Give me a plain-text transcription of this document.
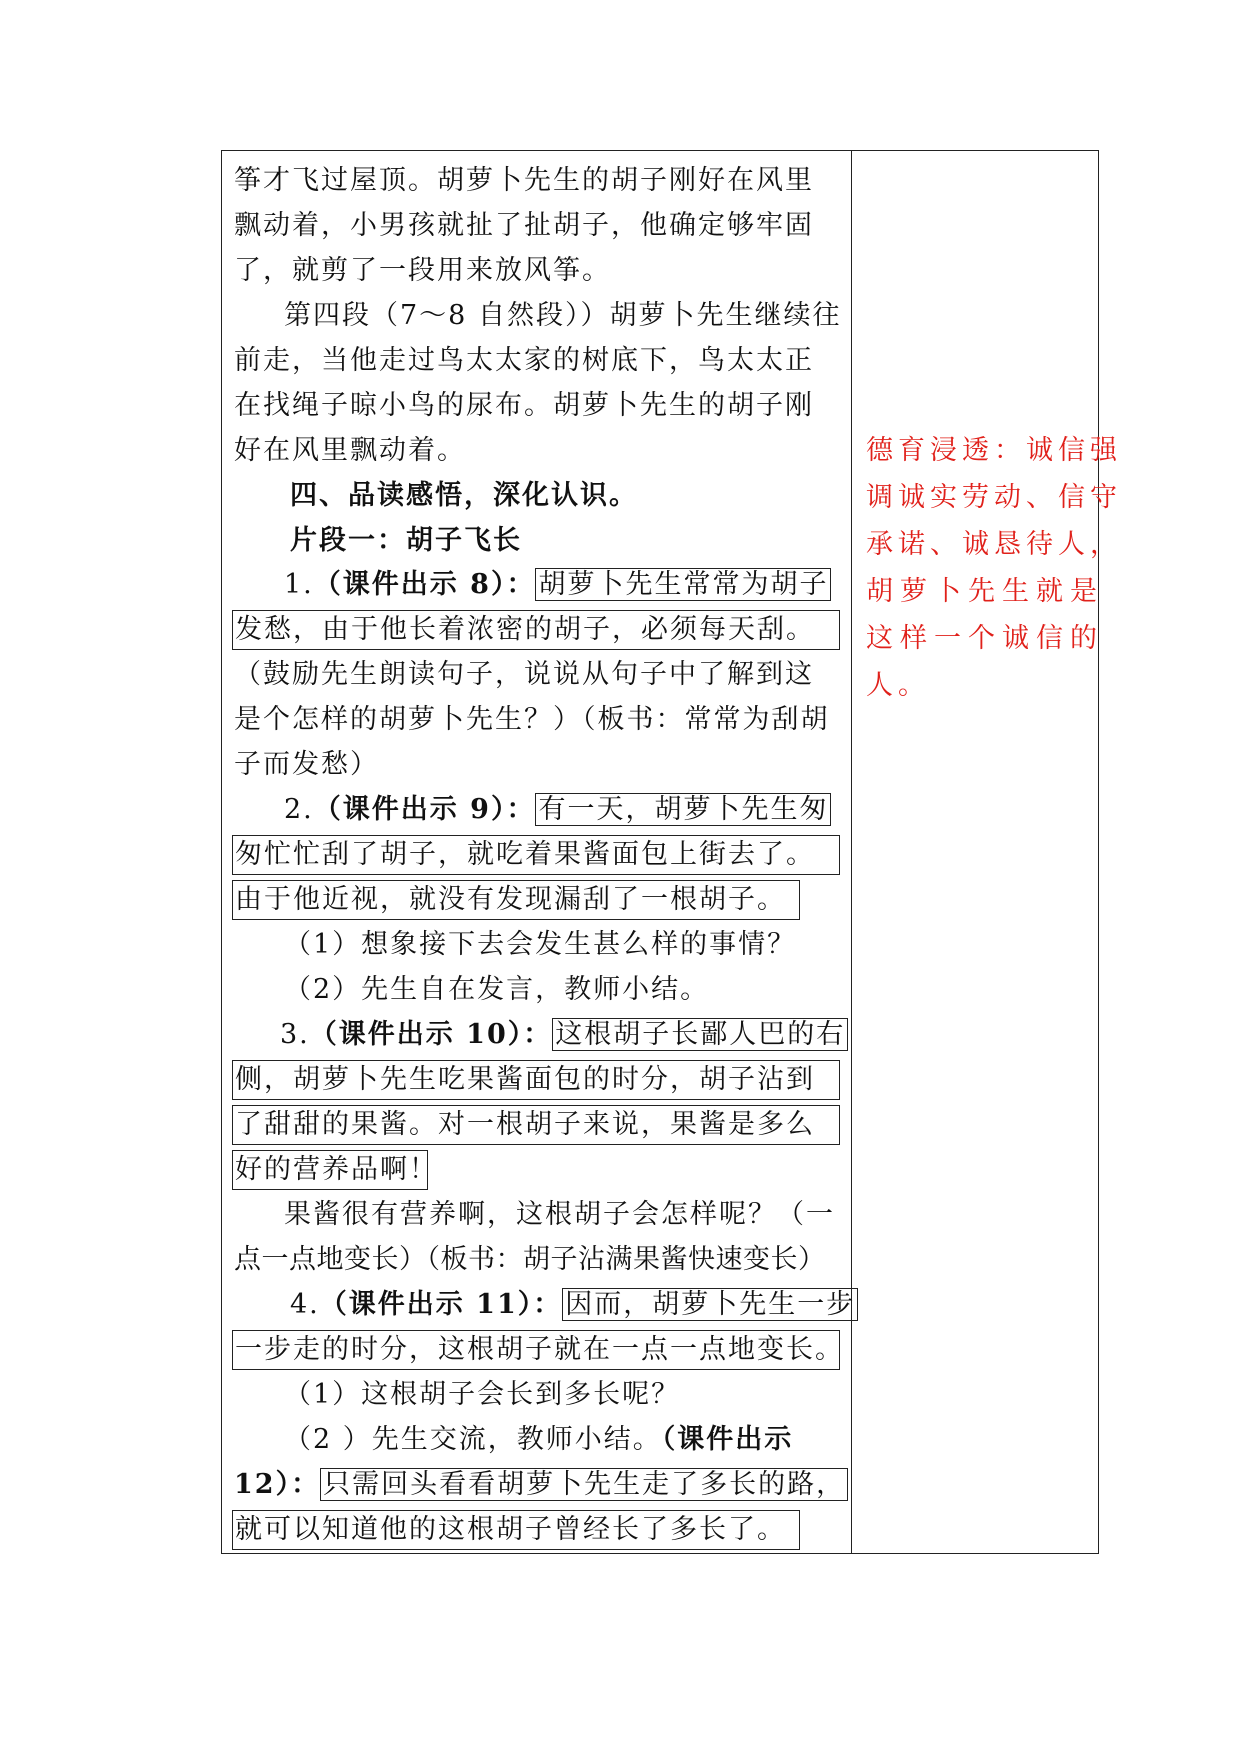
筝才飞过屋顶。胡萝卜先生的胡子刚好在风里
飘动着，小男孩就扯了扯胡子，他确定够牢固
了，就剪了一段用来放风筝。
第四段（7～8 自然段））胡萝卜先生继续往
前走，当他走过鸟太太家的树底下，鸟太太正
在找绳子晾小鸟的尿布。胡萝卜先生的胡子刚
好在风里飘动着。
四、品读感悟，深化认识。
片段一：胡子飞长
1.（课件出示 8）： 胡萝卜先生常常为胡子
发愁，由于他长着浓密的胡子，必须每天刮。
（鼓励先生朗读句子，说说从句子中了解到这
是个怎样的胡萝卜先生？）（板书：常常为刮胡
子而发愁）
2.（课件出示 9）： 有一天，胡萝卜先生匆
匆忙忙刮了胡子，就吃着果酱面包上街去了。
由于他近视，就没有发现漏刮了一根胡子。
（1）想象接下去会发生甚么样的事情？
（2）先生自在发言，教师小结。
3.（课件出示 10）： 这根胡子长鄙人巴的右
侧，胡萝卜先生吃果酱面包的时分，胡子沾到
了甜甜的果酱。对一根胡子来说，果酱是多么
好的营养品啊！
果酱很有营养啊，这根胡子会怎样呢？（一
点一点地变长）（板书：胡子沾满果酱快速变长）
4.（课件出示 11）： 因而，胡萝卜先生一步
一步走的时分，这根胡子就在一点一点地变长。
（1）这根胡子会长到多长呢？
（2 ）先生交流，教师小结。（课件出示
12）： 只需回头看看胡萝卜先生走了多长的路，
就可以知道他的这根胡子曾经长了多长了。
德育浸透：诚信强
调诚实劳动、信守
承诺、诚恳待人，
胡萝卜先生就是
这样一个诚信的
人。
